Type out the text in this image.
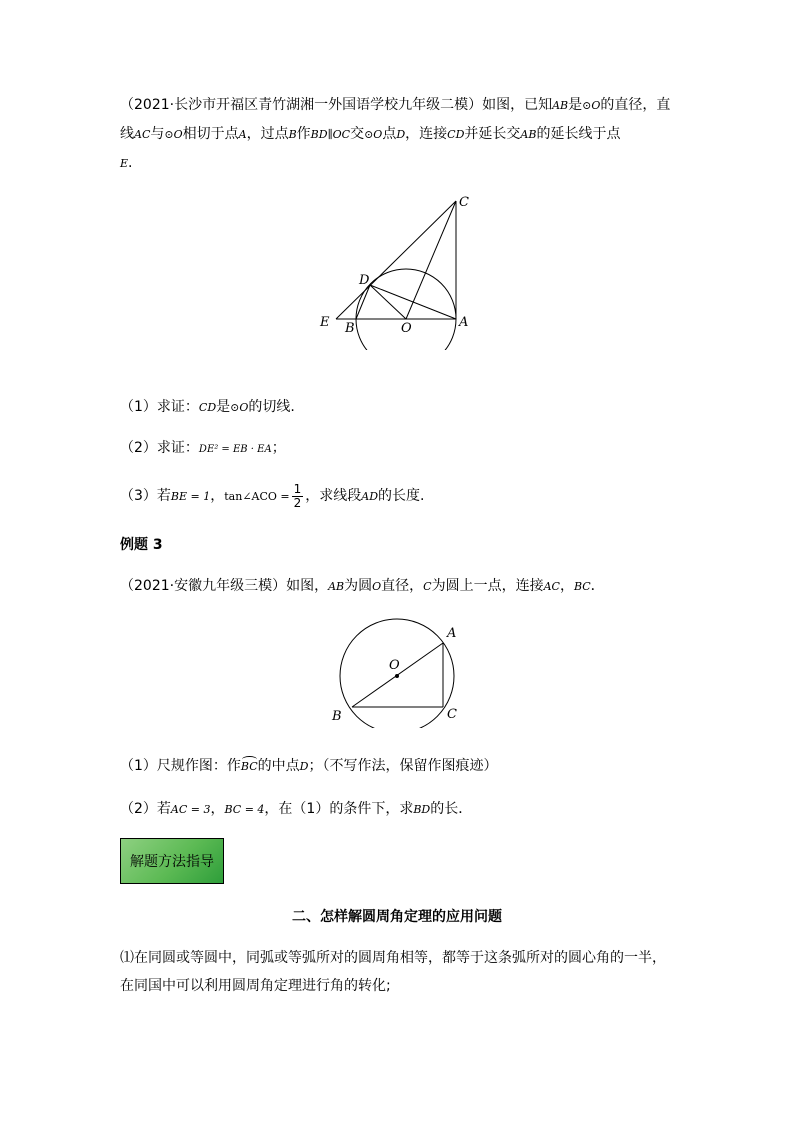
（2021·长沙市开福区青竹湖湘一外国语学校九年级二模）如图，已知AB是⊙O的直径，直
线AC与⊙O相切于点A，过点B作BD∥OC交⊙O点D，连接CD并延长交AB的延长线于点
E.

C
D
E B	O	A

（1）求证：CD是⊙O的切线.

（2）求证：DE² = EB · EA；

（3）若BE = 1，tan∠ACO = $\frac{1}{2}$ ，求线段AD的长度.

例题 3

（2021·安徽九年级三模）如图，AB为圆O直径，C为圆上一点，连接AC，BC．

A
O
B	C

（1）尺规作图：作BC的中点D；（不写作法，保留作图痕迹）

（2）若AC = 3，BC = 4，在（1）的条件下，求BD的长．

解题方法指导
二、怎样解圆周角定理的应用问题

⑴在同圆或等圆中，同弧或等弧所对的圆周角相等，都等于这条弧所对的圆心角的一半，
在同国中可以利用圆周角定理进行角的转化;
